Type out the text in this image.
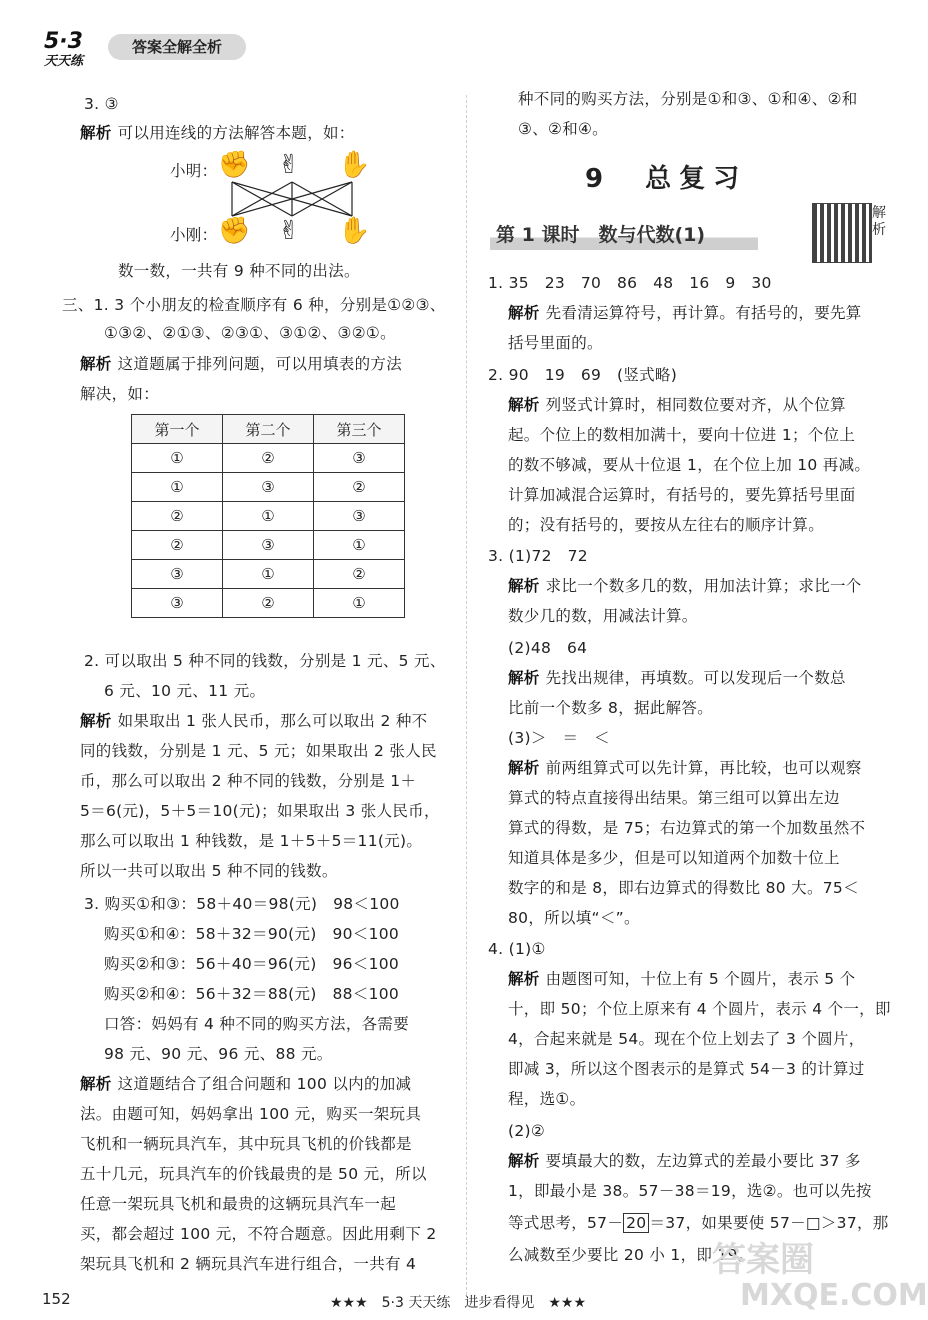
5·3
天天练
答案全解全析
3. ③
解析 可以用连线的方法解答本题，如：
小明：
小刚：
✊ ✌ ✋
✊ ✌ ✋
数一数，一共有 9 种不同的出法。
三、1. 3 个小朋友的检查顺序有 6 种，分别是①②③、
①③②、②①③、②③①、③①②、③②①。
解析 这道题属于排列问题，可以用填表的方法
解决，如：
第一个	第二个	第三个
①	②	③
①	③	②
②	①	③
②	③	①
③	①	②
③	②	①
2. 可以取出 5 种不同的钱数，分别是 1 元、5 元、
6 元、10 元、11 元。
解析 如果取出 1 张人民币，那么可以取出 2 种不
同的钱数，分别是 1 元、5 元；如果取出 2 张人民
币，那么可以取出 2 种不同的钱数，分别是 1＋
5＝6(元)，5＋5＝10(元)；如果取出 3 张人民币，
那么可以取出 1 种钱数，是 1＋5＋5＝11(元)。
所以一共可以取出 5 种不同的钱数。
3. 购买①和③：58＋40＝98(元)　98＜100
购买①和④：58＋32＝90(元)　90＜100
购买②和③：56＋40＝96(元)　96＜100
购买②和④：56＋32＝88(元)　88＜100
口答：妈妈有 4 种不同的购买方法，各需要
98 元、90 元、96 元、88 元。
解析 这道题结合了组合问题和 100 以内的加减
法。由题可知，妈妈拿出 100 元，购买一架玩具
飞机和一辆玩具汽车，其中玩具飞机的价钱都是
五十几元，玩具汽车的价钱最贵的是 50 元，所以
任意一架玩具飞机和最贵的这辆玩具汽车一起
买，都会超过 100 元，不符合题意。因此用剩下 2
架玩具飞机和 2 辆玩具汽车进行组合，一共有 4
种不同的购买方法，分别是①和③、①和④、②和
③、②和④。
9　总复习
第 1 课时　数与代数(1)
解析
1. 35　23　70　86　48　16　9　30
解析 先看清运算符号，再计算。有括号的，要先算
括号里面的。
2. 90　19　69　(竖式略)
解析 列竖式计算时，相同数位要对齐，从个位算
起。个位上的数相加满十，要向十位进 1；个位上
的数不够减，要从十位退 1，在个位上加 10 再减。
计算加减混合运算时，有括号的，要先算括号里面
的；没有括号的，要按从左往右的顺序计算。
3. (1)72　72
解析 求比一个数多几的数，用加法计算；求比一个
数少几的数，用减法计算。
(2)48　64
解析 先找出规律，再填数。可以发现后一个数总
比前一个数多 8，据此解答。
(3)＞　＝　＜
解析 前两组算式可以先计算，再比较，也可以观察
算式的特点直接得出结果。第三组可以算出左边
算式的得数，是 75；右边算式的第一个加数虽然不
知道具体是多少，但是可以知道两个加数十位上
数字的和是 8，即右边算式的得数比 80 大。75＜
80，所以填“＜”。
4. (1)①
解析 由题图可知，十位上有 5 个圆片，表示 5 个
十，即 50；个位上原来有 4 个圆片，表示 4 个一，即
4，合起来就是 54。现在个位上划去了 3 个圆片，
即减 3，所以这个图表示的是算式 54－3 的计算过
程，选①。
(2)②
解析 要填最大的数，左边算式的差最小要比 37 多
1，即最小是 38。57－38＝19，选②。也可以先按
等式思考，57－ 20 ＝37，如果要使 57－□＞37，那
么减数至少要比 20 小 1，即 19。
答案圈
MXQE.COM
152	★★★　5·3 天天练　进步看得见　★★★
